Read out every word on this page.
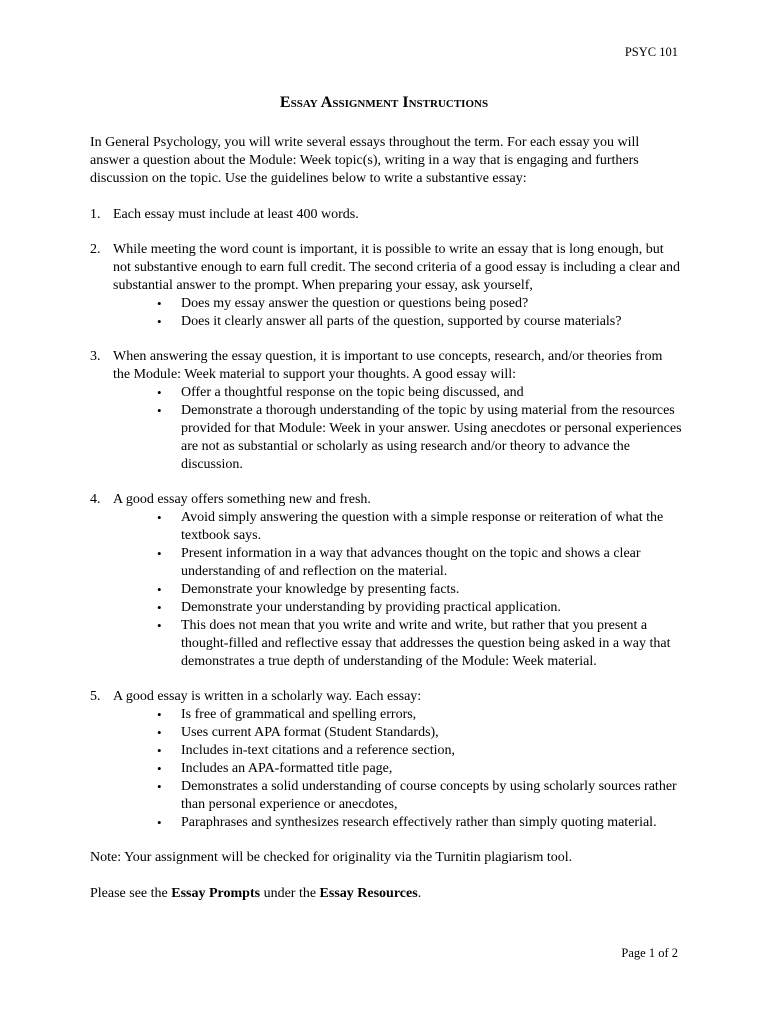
PSYC 101
Essay Assignment Instructions

In General Psychology, you will write several essays throughout the term. For each essay you will answer a question about the Module: Week topic(s), writing in a way that is engaging and furthers discussion on the topic. Use the guidelines below to write a substantive essay:

1. Each essay must include at least 400 words.
2. While meeting the word count is important, it is possible to write an essay that is long enough, but not substantive enough to earn full credit. The second criteria of a good essay is including a clear and substantial answer to the prompt. When preparing your essay, ask yourself,
• Does my essay answer the question or questions being posed?
• Does it clearly answer all parts of the question, supported by course materials?
3. When answering the essay question, it is important to use concepts, research, and/or theories from the Module: Week material to support your thoughts. A good essay will:
• Offer a thoughtful response on the topic being discussed, and
• Demonstrate a thorough understanding of the topic by using material from the resources provided for that Module: Week in your answer. Using anecdotes or personal experiences are not as substantial or scholarly as using research and/or theory to advance the discussion.
4. A good essay offers something new and fresh.
• Avoid simply answering the question with a simple response or reiteration of what the textbook says.
• Present information in a way that advances thought on the topic and shows a clear understanding of and reflection on the material.
• Demonstrate your knowledge by presenting facts.
• Demonstrate your understanding by providing practical application.
• This does not mean that you write and write and write, but rather that you present a thought-filled and reflective essay that addresses the question being asked in a way that demonstrates a true depth of understanding of the Module: Week material.
5. A good essay is written in a scholarly way. Each essay:
• Is free of grammatical and spelling errors,
• Uses current APA format (Student Standards),
• Includes in-text citations and a reference section,
• Includes an APA-formatted title page,
• Demonstrates a solid understanding of course concepts by using scholarly sources rather than personal experience or anecdotes,
• Paraphrases and synthesizes research effectively rather than simply quoting material.

Note: Your assignment will be checked for originality via the Turnitin plagiarism tool.

Please see the Essay Prompts under the Essay Resources.

Page 1 of 2
